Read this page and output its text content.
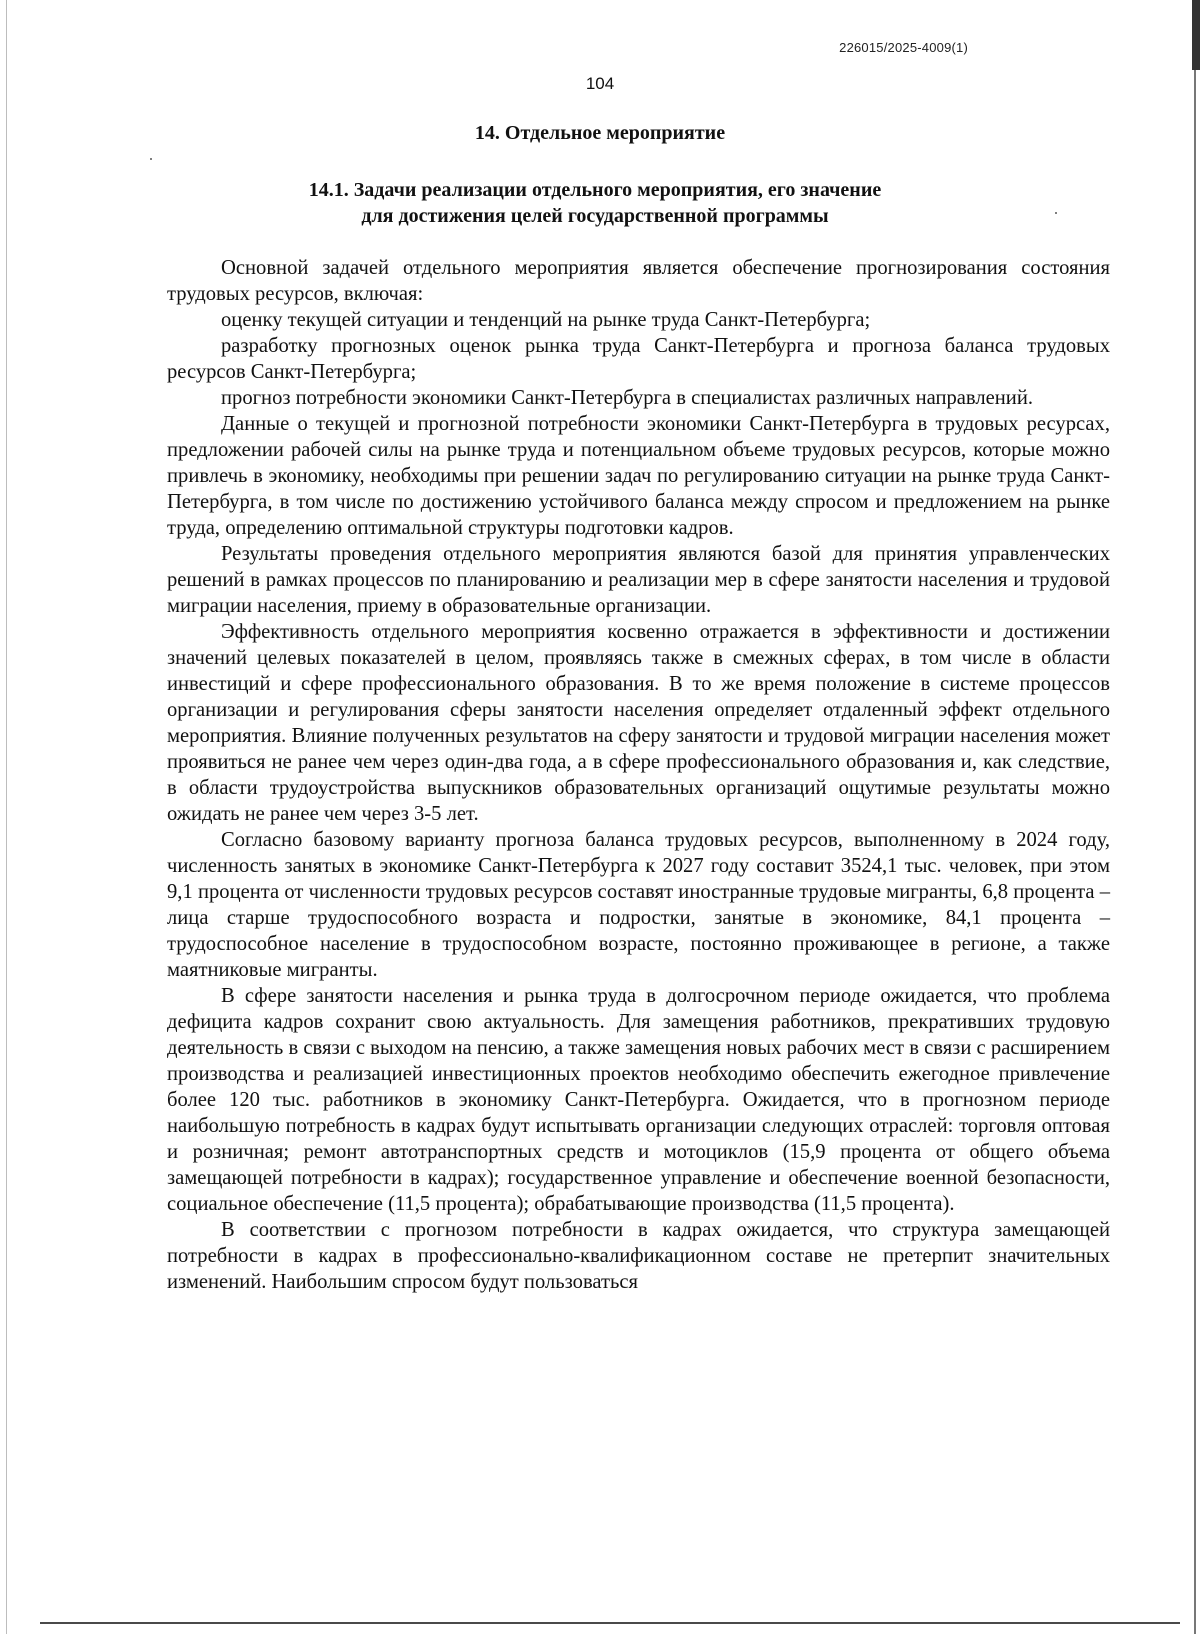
226015/2025-4009(1)
104
14. Отдельное мероприятие
14.1. Задачи реализации отдельного мероприятия, его значение
для достижения целей государственной программы

Основной задачей отдельного мероприятия является обеспечение прогнозирования состояния трудовых ресурсов, включая:

оценку текущей ситуации и тенденций на рынке труда Санкт-Петербурга;

разработку прогнозных оценок рынка труда Санкт-Петербурга и прогноза баланса трудовых ресурсов Санкт-Петербурга;

прогноз потребности экономики Санкт-Петербурга в специалистах различных направлений.

Данные о текущей и прогнозной потребности экономики Санкт-Петербурга в трудовых ресурсах, предложении рабочей силы на рынке труда и потенциальном объеме трудовых ресурсов, которые можно привлечь в экономику, необходимы при решении задач по регулированию ситуации на рынке труда Санкт-Петербурга, в том числе по достижению устойчивого баланса между спросом и предложением на рынке труда, определению оптимальной структуры подготовки кадров.

Результаты проведения отдельного мероприятия являются базой для принятия управленческих решений в рамках процессов по планированию и реализации мер в сфере занятости населения и трудовой миграции населения, приему в образовательные организации.

Эффективность отдельного мероприятия косвенно отражается в эффективности и достижении значений целевых показателей в целом, проявляясь также в смежных сферах, в том числе в области инвестиций и сфере профессионального образования. В то же время положение в системе процессов организации и регулирования сферы занятости населения определяет отдаленный эффект отдельного мероприятия. Влияние полученных результатов на сферу занятости и трудовой миграции населения может проявиться не ранее чем через один-два года, а в сфере профессионального образования и, как следствие, в области трудоустройства выпускников образовательных организаций ощутимые результаты можно ожидать не ранее чем через 3-5 лет.

Согласно базовому варианту прогноза баланса трудовых ресурсов, выполненному в 2024 году, численность занятых в экономике Санкт-Петербурга к 2027 году составит 3524,1 тыс. человек, при этом 9,1 процента от численности трудовых ресурсов составят иностранные трудовые мигранты, 6,8 процента – лица старше трудоспособного возраста и подростки, занятые в экономике, 84,1 процента – трудоспособное население в трудоспособном возрасте, постоянно проживающее в регионе, а также маятниковые мигранты.

В сфере занятости населения и рынка труда в долгосрочном периоде ожидается, что проблема дефицита кадров сохранит свою актуальность. Для замещения работников, прекративших трудовую деятельность в связи с выходом на пенсию, а также замещения новых рабочих мест в связи с расширением производства и реализацией инвестиционных проектов необходимо обеспечить ежегодное привлечение более 120 тыс. работников в экономику Санкт-Петербурга. Ожидается, что в прогнозном периоде наибольшую потребность в кадрах будут испытывать организации следующих отраслей: торговля оптовая и розничная; ремонт автотранспортных средств и мотоциклов (15,9 процента от общего объема замещающей потребности в кадрах); государственное управление и обеспечение военной безопасности, социальное обеспечение (11,5 процента); обрабатывающие производства (11,5 процента).

В соответствии с прогнозом потребности в кадрах ожидается, что структура замещающей потребности в кадрах в профессионально-квалификационном составе не претерпит значительных изменений. Наибольшим спросом будут пользоваться
